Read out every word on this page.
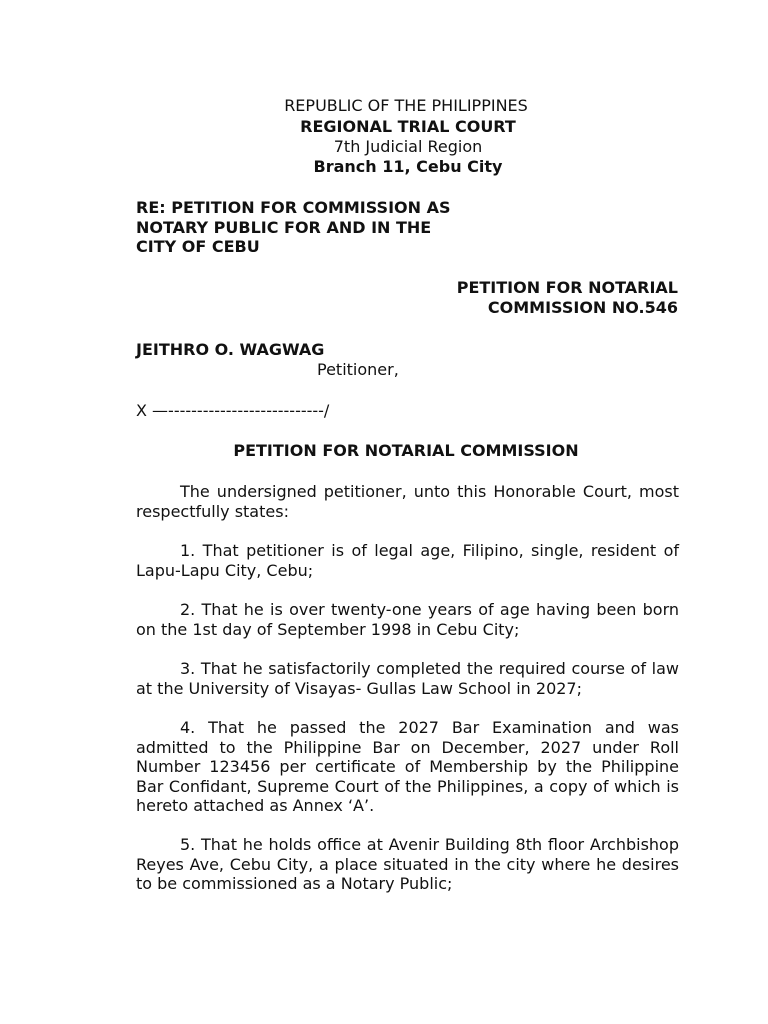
REPUBLIC OF THE PHILIPPINES
REGIONAL TRIAL COURT
7th Judicial Region
Branch 11, Cebu City
RE: PETITION FOR COMMISSION AS
NOTARY PUBLIC FOR AND IN THE
CITY OF CEBU
PETITION FOR NOTARIAL
COMMISSION NO.546
JEITHRO O. WAGWAG
Petitioner,
X —---------------------------/
PETITION FOR NOTARIAL COMMISSION
The undersigned petitioner, unto this Honorable Court, most respectfully states:
1. That petitioner is of legal age, Filipino, single, resident of Lapu-Lapu City, Cebu;
2. That he is over twenty-one years of age having been born on the 1st day of September 1998 in Cebu City;
3. That he satisfactorily completed the required course of law at the University of Visayas- Gullas Law School in 2027;
4. That he passed the 2027 Bar Examination and was admitted to the Philippine Bar on December, 2027 under Roll Number 123456 per certificate of Membership by the Philippine Bar Confidant, Supreme Court of the Philippines, a copy of which is hereto attached as Annex ‘A’.
5. That he holds office at Avenir Building 8th floor Archbishop Reyes Ave, Cebu City, a place situated in the city where he desires to be commissioned as a Notary Public;
